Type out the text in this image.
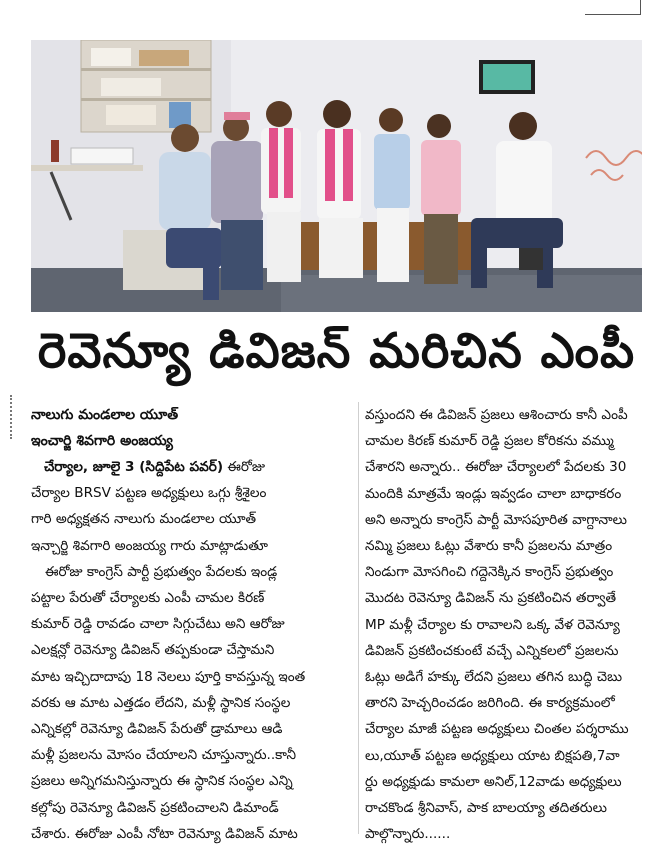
రెవెన్యూ డివిజన్ మరిచిన ఎంపీ

నాలుగు మండలాల యూత్

ఇంచార్జి శివగారి అంజయ్య

చేర్యాల, జూలై 3 (సిద్దిపేట పవర్) ఈరోజు
చేర్యాల BRSV పట్టణ అధ్యక్షులు ఒగ్గు శ్రీశైలం
గారి అధ్యక్షతన నాలుగు మండలాల యూత్
ఇన్చార్జి శివగారి అంజయ్య గారు మాట్లాడుతూ
ఈరోజు కాంగ్రెస్ పార్టీ ప్రభుత్వం పేదలకు ఇండ్ల
పట్టాల పేరుతో చేర్యాలకు ఎంపీ చామల కిరణ్
కుమార్ రెడ్డి రావడం చాలా సిగ్గుచేటు అని ఆరోజు
ఎలక్షన్లో రెవెన్యూ డివిజన్ తప్పకుండా చేస్తామని
మాట ఇచ్చిదాదాపు 18 నెలలు పూర్తి కావస్తున్న ఇంత
వరకు ఆ మాట ఎత్తడం లేదని, మళ్లీ స్థానిక సంస్థల
ఎన్నికల్లో రెవెన్యూ డివిజన్ పేరుతో డ్రామాలు ఆడి
మళ్లీ ప్రజలను మోసం చేయాలని చూస్తున్నారు..కానీ
ప్రజలు అన్నిగమనిస్తున్నారు ఈ స్థానిక సంస్థల ఎన్ని
కల్లోపు రెవెన్యూ డివిజన్ ప్రకటించాలని డిమాండ్
చేశారు. ఈరోజు ఎంపీ నోటా రెవెన్యూ డివిజన్ మాట

వస్తుందని ఈ డివిజన్ ప్రజలు ఆశించారు కానీ ఎంపీ
చామల కిరణ్ కుమార్ రెడ్డి ప్రజల కోరికను వమ్ము
చేశారని అన్నారు.. ఈరోజు చేర్యాలలో పేదలకు 30
మందికి మాత్రమే ఇండ్లు ఇవ్వడం చాలా బాధాకరం
అని అన్నారు కాంగ్రెస్ పార్టీ మోసపూరిత వాగ్దానాలు
నమ్మి ప్రజలు ఓట్లు వేశారు కానీ ప్రజలను మాత్రం
నిండుగా మోసగించి గద్దెనెక్కిన కాంగ్రెస్ ప్రభుత్వం
మొదట రెవెన్యూ డివిజన్ ను ప్రకటించిన తర్వాతే
MP మళ్లీ చేర్యాల కు రావాలని ఒక్క వేళ రెవెన్యూ
డివిజన్ ప్రకటించకుంటే వచ్చే ఎన్నికలలో ప్రజలను
ఓట్లు అడిగే హక్కు లేదని ప్రజలు తగిన బుద్ధి చెబు
తారని హెచ్చరించడం జరిగింది. ఈ కార్యక్రమంలో
చేర్యాల మాజీ పట్టణ అధ్యక్షులు చింతల పర్శరాము
లు,యూత్ పట్టణ అధ్యక్షులు యాట బిక్షపతి,7వా
ర్డు అధ్యక్షుడు కామలా అనిల్,12వాడు అధ్యక్షులు
రాచకొండ శ్రీనివాస్, పాక బాలయ్యా తదితరులు
పాల్గొన్నారు......
